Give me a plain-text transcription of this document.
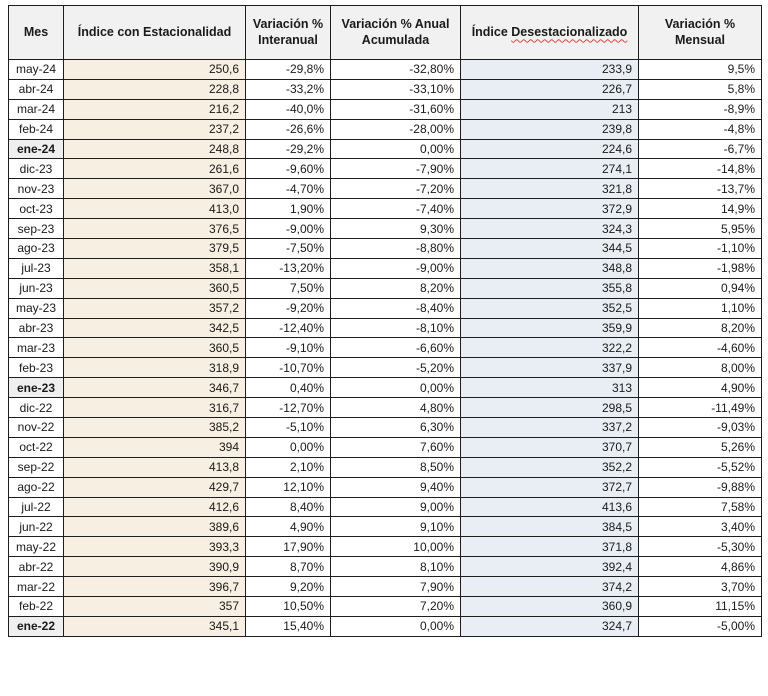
Mes	Índice con Estacionalidad	Variación % Interanual	Variación % Anual Acumulada	Índice Desestacionalizado	Variación % Mensual
may-24	250,6	-29,8%	-32,80%	233,9	9,5%
abr-24	228,8	-33,2%	-33,10%	226,7	5,8%
mar-24	216,2	-40,0%	-31,60%	213	-8,9%
feb-24	237,2	-26,6%	-28,00%	239,8	-4,8%
ene-24	248,8	-29,2%	0,00%	224,6	-6,7%
dic-23	261,6	-9,60%	-7,90%	274,1	-14,8%
nov-23	367,0	-4,70%	-7,20%	321,8	-13,7%
oct-23	413,0	1,90%	-7,40%	372,9	14,9%
sep-23	376,5	-9,00%	9,30%	324,3	5,95%
ago-23	379,5	-7,50%	-8,80%	344,5	-1,10%
jul-23	358,1	-13,20%	-9,00%	348,8	-1,98%
jun-23	360,5	7,50%	8,20%	355,8	0,94%
may-23	357,2	-9,20%	-8,40%	352,5	1,10%
abr-23	342,5	-12,40%	-8,10%	359,9	8,20%
mar-23	360,5	-9,10%	-6,60%	322,2	-4,60%
feb-23	318,9	-10,70%	-5,20%	337,9	8,00%
ene-23	346,7	0,40%	0,00%	313	4,90%
dic-22	316,7	-12,70%	4,80%	298,5	-11,49%
nov-22	385,2	-5,10%	6,30%	337,2	-9,03%
oct-22	394	0,00%	7,60%	370,7	5,26%
sep-22	413,8	2,10%	8,50%	352,2	-5,52%
ago-22	429,7	12,10%	9,40%	372,7	-9,88%
jul-22	412,6	8,40%	9,00%	413,6	7,58%
jun-22	389,6	4,90%	9,10%	384,5	3,40%
may-22	393,3	17,90%	10,00%	371,8	-5,30%
abr-22	390,9	8,70%	8,10%	392,4	4,86%
mar-22	396,7	9,20%	7,90%	374,2	3,70%
feb-22	357	10,50%	7,20%	360,9	11,15%
ene-22	345,1	15,40%	0,00%	324,7	-5,00%
